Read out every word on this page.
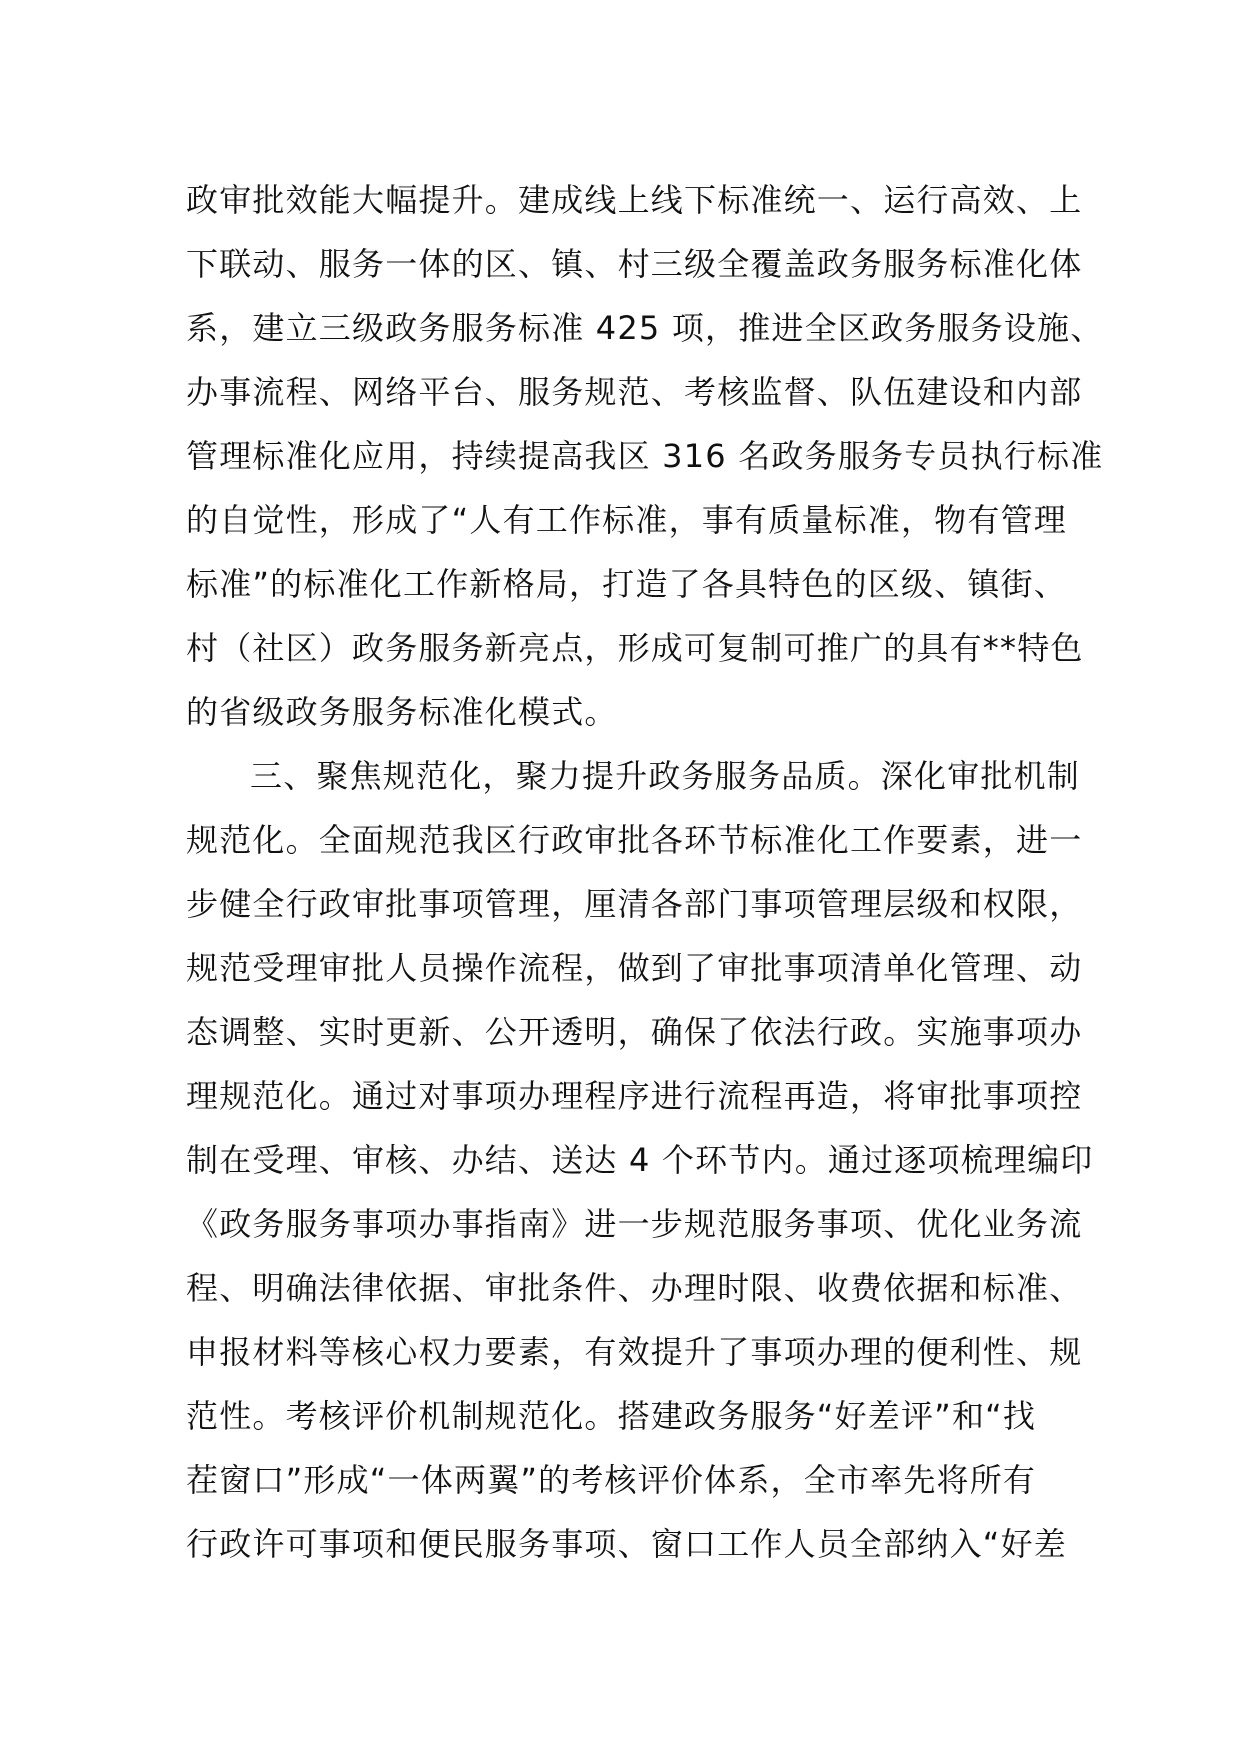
政审批效能大幅提升。建成线上线下标准统一、运行高效、上
下联动、服务一体的区、镇、村三级全覆盖政务服务标准化体
系，建立三级政务服务标准 425 项，推进全区政务服务设施、
办事流程、网络平台、服务规范、考核监督、队伍建设和内部
管理标准化应用，持续提高我区 316 名政务服务专员执行标准
的自觉性，形成了“人有工作标准，事有质量标准，物有管理
标准”的标准化工作新格局，打造了各具特色的区级、镇街、
村（社区）政务服务新亮点，形成可复制可推广的具有**特色
的省级政务服务标准化模式。
三、聚焦规范化，聚力提升政务服务品质。深化审批机制
规范化。全面规范我区行政审批各环节标准化工作要素，进一
步健全行政审批事项管理，厘清各部门事项管理层级和权限，
规范受理审批人员操作流程，做到了审批事项清单化管理、动
态调整、实时更新、公开透明，确保了依法行政。实施事项办
理规范化。通过对事项办理程序进行流程再造，将审批事项控
制在受理、审核、办结、送达 4 个环节内。通过逐项梳理编印
《政务服务事项办事指南》进一步规范服务事项、优化业务流
程、明确法律依据、审批条件、办理时限、收费依据和标准、
申报材料等核心权力要素，有效提升了事项办理的便利性、规
范性。考核评价机制规范化。搭建政务服务“好差评”和“找
茬窗口”形成“一体两翼”的考核评价体系，全市率先将所有
行政许可事项和便民服务事项、窗口工作人员全部纳入“好差
